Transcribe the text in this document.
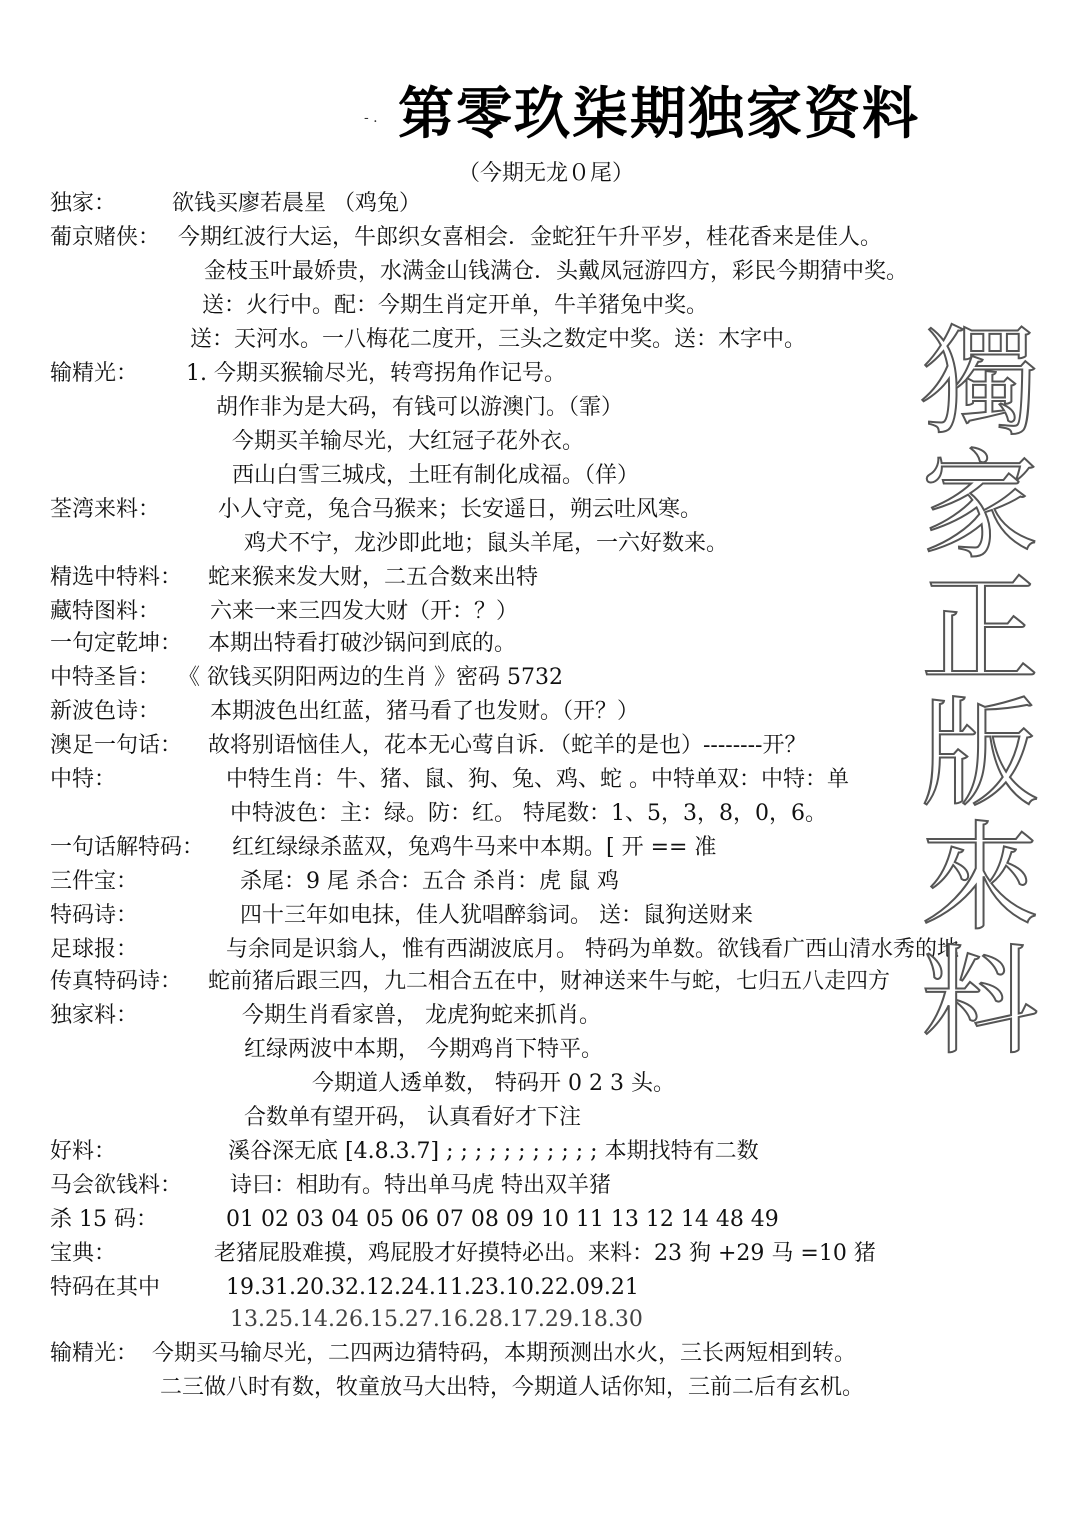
- . 第零玖柒期独家资料
（今期无龙０尾）
独家：	欲钱买廖若晨星 （鸡兔）
葡京赌侠： 今期红波行大运，牛郎织女喜相会．金蛇狂午升平岁，桂花香来是佳人。
金枝玉叶最娇贵，水满金山钱满仓．头戴凤冠游四方，彩民今期猜中奖。
送：火行中。配：今期生肖定开单，牛羊猪兔中奖。
送：天河水。一八梅花二度开，三头之数定中奖。送：木字中。
输精光： 1. 今期买猴输尽光，转弯拐角作记号。
胡作非为是大码，有钱可以游澳门。（霏）
今期买羊输尽光，大红冠子花外衣。
西山白雪三城戌，土旺有制化成福。（佯）
荃湾来料：	小人守竞，兔合马猴来；长安遥日，朔云吐风寒。
鸡犬不宁，龙沙即此地；鼠头羊尾，一六好数来。
精选中特料： 蛇来猴来发大财，二五合数来出特
藏特图料： 六来一来三四发大财（开：？）
一句定乾坤： 本期出特看打破沙锅问到底的。
中特圣旨： 《 欲钱买阴阳两边的生肖 》密码 5732
新波色诗： 本期波色出红蓝，猪马看了也发财。（开？）
澳足一句话： 故将别语恼佳人，花本无心莺自诉．（蛇羊的是也）--------开？
中特：	中特生肖：牛、猪、鼠、狗、兔、鸡、蛇 。中特单双：中特：单
中特波色：主：绿。防：红。 特尾数：1、5，3，8，0，6。
一句话解特码： 红红绿绿杀蓝双，兔鸡牛马来中本期。[ 开 == 准
三件宝：	杀尾：9 尾 杀合：五合 杀肖：虎 鼠 鸡
特码诗：	四十三年如电抹，佳人犹唱醉翁词。 送：鼠狗送财来
足球报：	与余同是识翁人，惟有西湖波底月。 特码为单数。欲钱看广西山清水秀的地
传真特码诗： 蛇前猪后跟三四，九二相合五在中，财神送来牛与蛇，七归五八走四方
独家料：	今期生肖看家兽， 龙虎狗蛇来抓肖。
红绿两波中本期， 今期鸡肖下特平。
今期道人透单数， 特码开 0 2 3 头。
合数单有望开码， 认真看好才下注
好料：	溪谷深无底 [4.8.3.7] ; ; ; ; ; ; ; ; ; ; ; 本期找特有二数
马会欲钱料： 诗曰：相助有。特出单马虎 特出双羊猪
杀 15 码：	01 02 03 04 05 06 07 08 09 10 11 13 12 14 48 49
宝典：	老猪屁股难摸，鸡屁股才好摸特必出。来料：23 狗 +29 马 =10 猪
特码在其中	19.31.20.32.12.24.11.23.10.22.09.21
13.25.14.26.15.27.16.28.17.29.18.30
输精光： 今期买马输尽光，二四两边猜特码，本期预测出水火，三长两短相到转。
二三做八时有数，牧童放马大出特，今期道人话你知，三前二后有玄机。
獨
家
正
版
來
料
